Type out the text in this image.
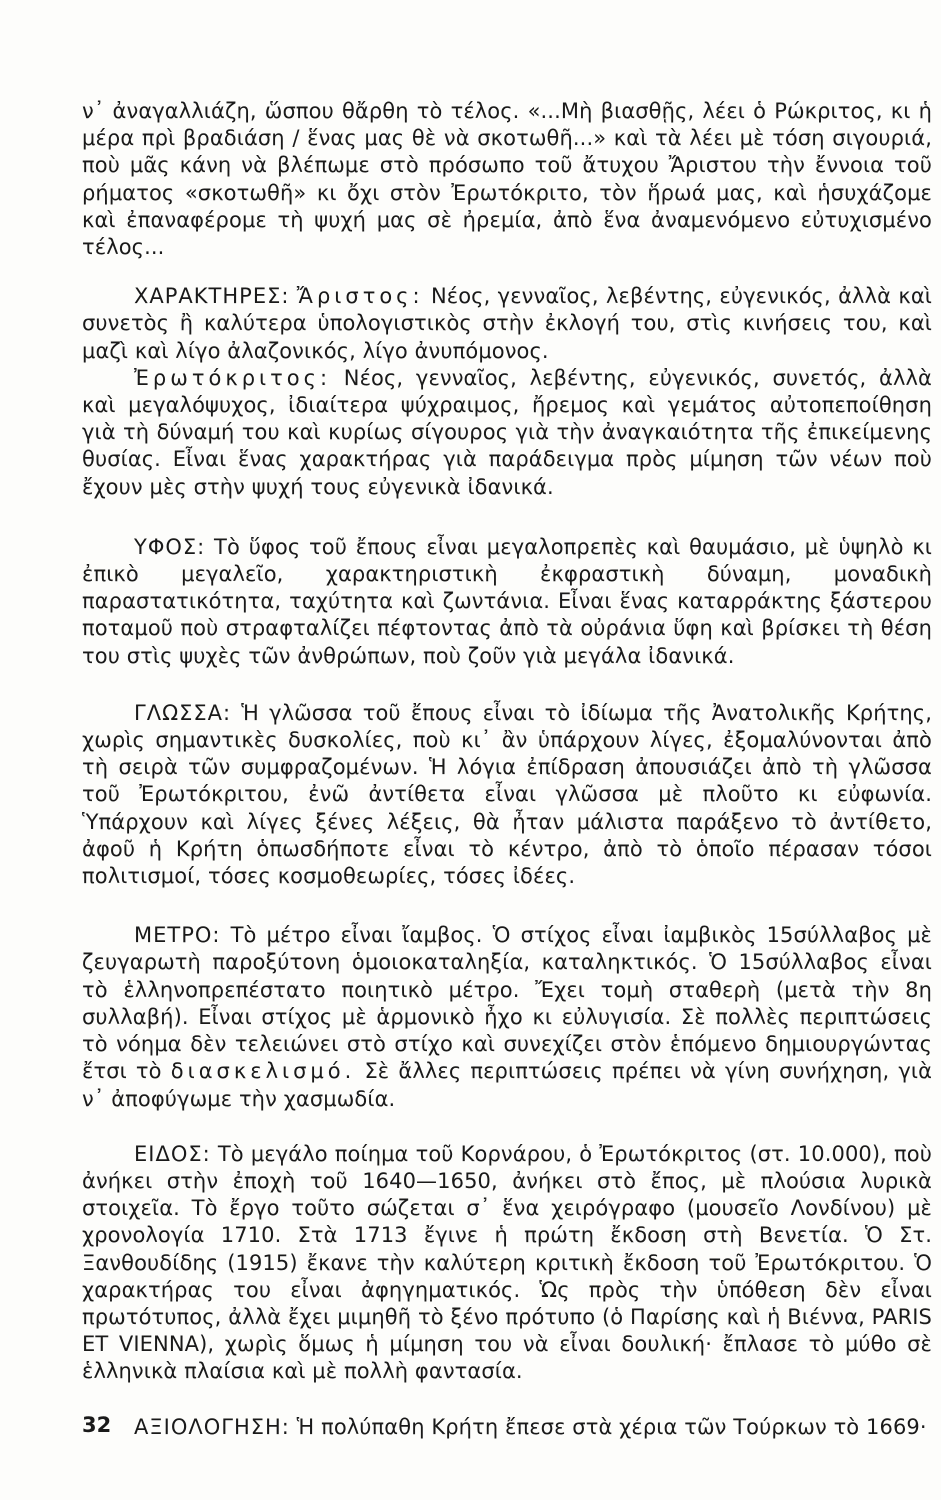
ν᾽ ἀναγαλλιάζη, ὥσπου θἄρθη τὸ τέλος. «...Μὴ βιασθῇς, λέει ὁ Ρώκριτος, κι ἡ μέρα πρὶ βραδιάση / ἕνας μας θὲ νὰ σκοτωθῆ...» καὶ τὰ λέει μὲ τόση σιγουριά, ποὺ μᾶς κάνη νὰ βλέπωμε στὸ πρόσωπο τοῦ ἄτυχου Ἄριστου τὴν ἔννοια τοῦ ρήματος «σκοτωθῆ» κι ὄχι στὸν Ἐρωτόκριτο, τὸν ἥρωά μας, καὶ ἡσυχάζομε καὶ ἐπαναφέρομε τὴ ψυχή μας σὲ ἠρεμία, ἀπὸ ἕνα ἀναμενόμενο εὐτυχισμένο τέλος...

ΧΑΡΑΚΤΗΡΕΣ: Ἄριστος: Νέος, γενναῖος, λεβέντης, εὐγενικός, ἀλλὰ καὶ συνετὸς ἢ καλύτερα ὑπολογιστικὸς στὴν ἐκλογή του, στὶς κινήσεις του, καὶ μαζὶ καὶ λίγο ἀλαζονικός, λίγο ἀνυπόμονος.

Ἐρωτόκριτος: Νέος, γενναῖος, λεβέντης, εὐγενικός, συνετός, ἀλλὰ καὶ μεγαλόψυχος, ἰδιαίτερα ψύχραιμος, ἤρεμος καὶ γεμάτος αὐτοπεποίθηση γιὰ τὴ δύναμή του καὶ κυρίως σίγουρος γιὰ τὴν ἀναγκαιότητα τῆς ἐπικείμενης θυσίας. Εἶναι ἕνας χαρακτήρας γιὰ παράδειγμα πρὸς μίμηση τῶν νέων ποὺ ἔχουν μὲς στὴν ψυχή τους εὐγενικὰ ἰδανικά.

ΥΦΟΣ: Τὸ ὕφος τοῦ ἔπους εἶναι μεγαλοπρεπὲς καὶ θαυμάσιο, μὲ ὑψηλὸ κι ἐπικὸ μεγαλεῖο, χαρακτηριστικὴ ἐκφραστικὴ δύναμη, μοναδικὴ παραστατικότητα, ταχύτητα καὶ ζωντάνια. Εἶναι ἕνας καταρράκτης ξάστερου ποταμοῦ ποὺ στραφταλίζει πέφτοντας ἀπὸ τὰ οὐράνια ὕφη καὶ βρίσκει τὴ θέση του στὶς ψυχὲς τῶν ἀνθρώπων, ποὺ ζοῦν γιὰ μεγάλα ἰδανικά.

ΓΛΩΣΣΑ: Ἡ γλῶσσα τοῦ ἔπους εἶναι τὸ ἰδίωμα τῆς Ἀνατολικῆς Κρήτης, χωρὶς σημαντικὲς δυσκολίες, ποὺ κι᾽ ἂν ὑπάρχουν λίγες, ἐξομαλύνονται ἀπὸ τὴ σειρὰ τῶν συμφραζομένων. Ἡ λόγια ἐπίδραση ἀπουσιάζει ἀπὸ τὴ γλῶσσα τοῦ Ἐρωτόκριτου, ἐνῶ ἀντίθετα εἶναι γλῶσσα μὲ πλοῦτο κι εὐφωνία. Ὑπάρχουν καὶ λίγες ξένες λέξεις, θὰ ἦταν μάλιστα παράξενο τὸ ἀντίθετο, ἀφοῦ ἡ Κρήτη ὁπωσδήποτε εἶναι τὸ κέντρο, ἀπὸ τὸ ὁποῖο πέρασαν τόσοι πολιτισμοί, τόσες κοσμοθεωρίες, τόσες ἰδέες.

ΜΕΤΡΟ: Τὸ μέτρο εἶναι ἴαμβος. Ὁ στίχος εἶναι ἰαμβικὸς 15σύλλαβος μὲ ζευγαρωτὴ παροξύτονη ὁμοιοκαταληξία, καταληκτικός. Ὁ 15σύλλαβος εἶναι τὸ ἑλληνοπρεπέστατο ποιητικὸ μέτρο. Ἔχει τομὴ σταθερὴ (μετὰ τὴν 8η συλλαβή). Εἶναι στίχος μὲ ἁρμονικὸ ἦχο κι εὐλυγισία. Σὲ πολλὲς περιπτώσεις τὸ νόημα δὲν τελειώνει στὸ στίχο καὶ συνεχίζει στὸν ἑπόμενο δημιουργώντας ἔτσι τὸ διασκελισμό. Σὲ ἄλλες περιπτώσεις πρέπει νὰ γίνη συνήχηση, γιὰ ν᾽ ἀποφύγωμε τὴν χασμωδία.

ΕΙΔΟΣ: Τὸ μεγάλο ποίημα τοῦ Κορνάρου, ὁ Ἐρωτόκριτος (στ. 10.000), ποὺ ἀνήκει στὴν ἐποχὴ τοῦ 1640—1650, ἀνήκει στὸ ἔπος, μὲ πλούσια λυρικὰ στοιχεῖα. Τὸ ἔργο τοῦτο σώζεται σ᾽ ἕνα χειρόγραφο (μουσεῖο Λονδίνου) μὲ χρονολογία 1710. Στὰ 1713 ἔγινε ἡ πρώτη ἔκδοση στὴ Βενετία. Ὁ Στ. Ξανθουδίδης (1915) ἔκανε τὴν καλύτερη κριτικὴ ἔκδοση τοῦ Ἐρωτόκριτου. Ὁ χαρακτήρας του εἶναι ἀφηγηματικός. Ὡς πρὸς τὴν ὑπόθεση δὲν εἶναι πρωτότυπος, ἀλλὰ ἔχει μιμηθῆ τὸ ξένο πρότυπο (ὁ Παρίσης καὶ ἡ Βιέννα, PARIS ET VIENNA), χωρὶς ὅμως ἡ μίμηση του νὰ εἶναι δουλική· ἔπλασε τὸ μύθο σὲ ἑλληνικὰ πλαίσια καὶ μὲ πολλὴ φαντασία.

ΑΞΙΟΛΟΓΗΣΗ: Ἡ πολύπαθη Κρήτη ἔπεσε στὰ χέρια τῶν Τούρκων τὸ 1669·

32
